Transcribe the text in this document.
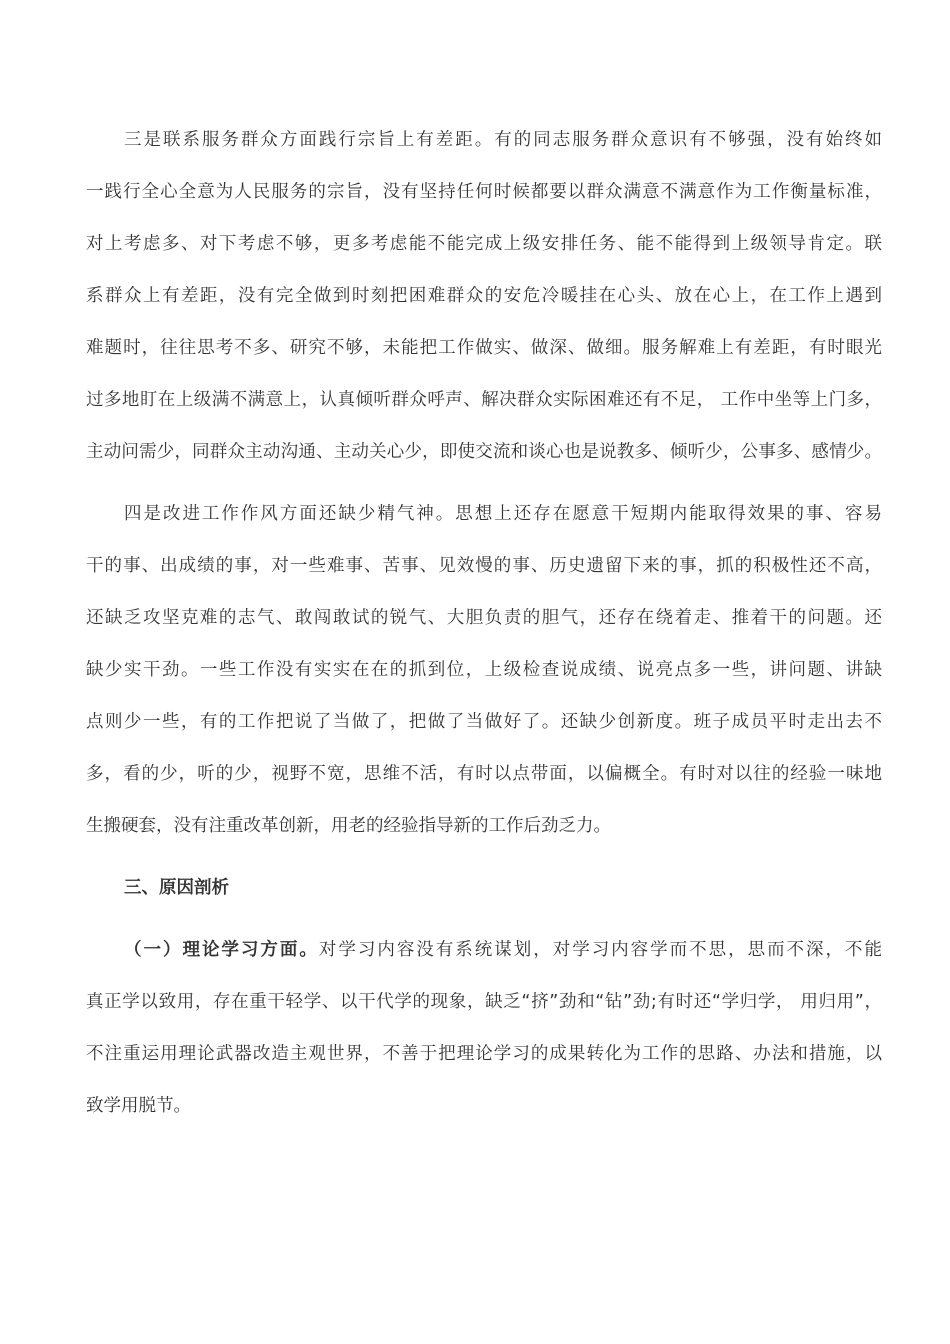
三是联系服务群众方面践行宗旨上有差距。有的同志服务群众意识有不够强，没有始终如
一践行全心全意为人民服务的宗旨，没有坚持任何时候都要以群众满意不满意作为工作衡量标准，
对上考虑多、对下考虑不够，更多考虑能不能完成上级安排任务、能不能得到上级领导肯定。联
系群众上有差距，没有完全做到时刻把困难群众的安危冷暖挂在心头、放在心上，在工作上遇到
难题时，往往思考不多、研究不够，未能把工作做实、做深、做细。服务解难上有差距，有时眼光
过多地盯在上级满不满意上，认真倾听群众呼声、解决群众实际困难还有不足， 工作中坐等上门多，
主动问需少，同群众主动沟通、主动关心少，即使交流和谈心也是说教多、倾听少，公事多、感情少。
四是改进工作作风方面还缺少精气神。思想上还存在愿意干短期内能取得效果的事、容易
干的事、出成绩的事，对一些难事、苦事、见效慢的事、历史遗留下来的事，抓的积极性还不高，
还缺乏攻坚克难的志气、敢闯敢试的锐气、大胆负责的胆气，还存在绕着走、推着干的问题。还
缺少实干劲。一些工作没有实实在在的抓到位，上级检查说成绩、说亮点多一些，讲问题、讲缺
点则少一些，有的工作把说了当做了，把做了当做好了。还缺少创新度。班子成员平时走出去不
多，看的少，听的少，视野不宽，思维不活，有时以点带面，以偏概全。有时对以往的经验一味地
生搬硬套，没有注重改革创新，用老的经验指导新的工作后劲乏力。
三、原因剖析
（一）理论学习方面。对学习内容没有系统谋划，对学习内容学而不思，思而不深，不能
真正学以致用，存在重干轻学、以干代学的现象，缺乏“挤”劲和“钻”劲;有时还“学归学， 用归用”，
不注重运用理论武器改造主观世界，不善于把理论学习的成果转化为工作的思路、办法和措施，以
致学用脱节。
